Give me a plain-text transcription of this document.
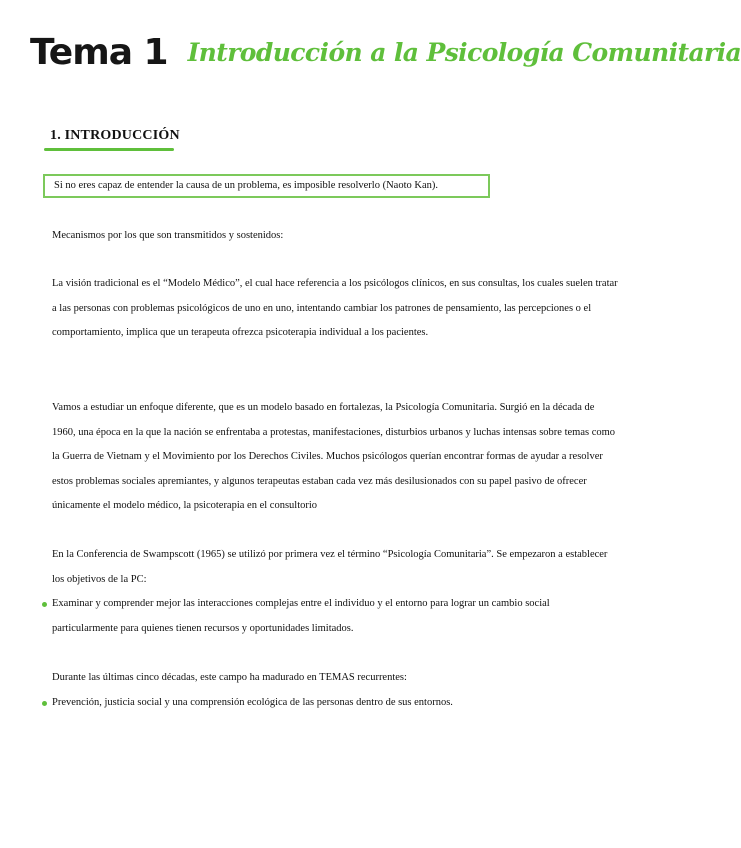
Tema 1 Introducción a la Psicología Comunitaria
1. INTRODUCCIÓN
Si no eres capaz de entender la causa de un problema, es imposible resolverlo (Naoto Kan).

Mecanismos por los que son transmitidos y sostenidos:

La visión tradicional es el “Modelo Médico”, el cual hace referencia a los psicólogos clínicos, en sus consultas, los cuales suelen tratar a las personas con problemas psicológicos de uno en uno, intentando cambiar los patrones de pensamiento, las percepciones o el comportamiento, implica que un terapeuta ofrezca psicoterapia individual a los pacientes.

Vamos a estudiar un enfoque diferente, que es un modelo basado en fortalezas, la Psicología Comunitaria. Surgió en la década de 1960, una época en la que la nación se enfrentaba a protestas, manifestaciones, disturbios urbanos y luchas intensas sobre temas como la Guerra de Vietnam y el Movimiento por los Derechos Civiles. Muchos psicólogos querían encontrar formas de ayudar a resolver estos problemas sociales apremiantes, y algunos terapeutas estaban cada vez más desilusionados con su papel pasivo de ofrecer únicamente el modelo médico, la psicoterapia en el consultorio

En la Conferencia de Swampscott (1965) se utilizó por primera vez el término “Psicología Comunitaria”. Se empezaron a establecer los objetivos de la PC:

Examinar y comprender mejor las interacciones complejas entre el individuo y el entorno para lograr un cambio social particularmente para quienes tienen recursos y oportunidades limitados.

Durante las últimas cinco décadas, este campo ha madurado en TEMAS recurrentes:

Prevención, justicia social y una comprensión ecológica de las personas dentro de sus entornos.
